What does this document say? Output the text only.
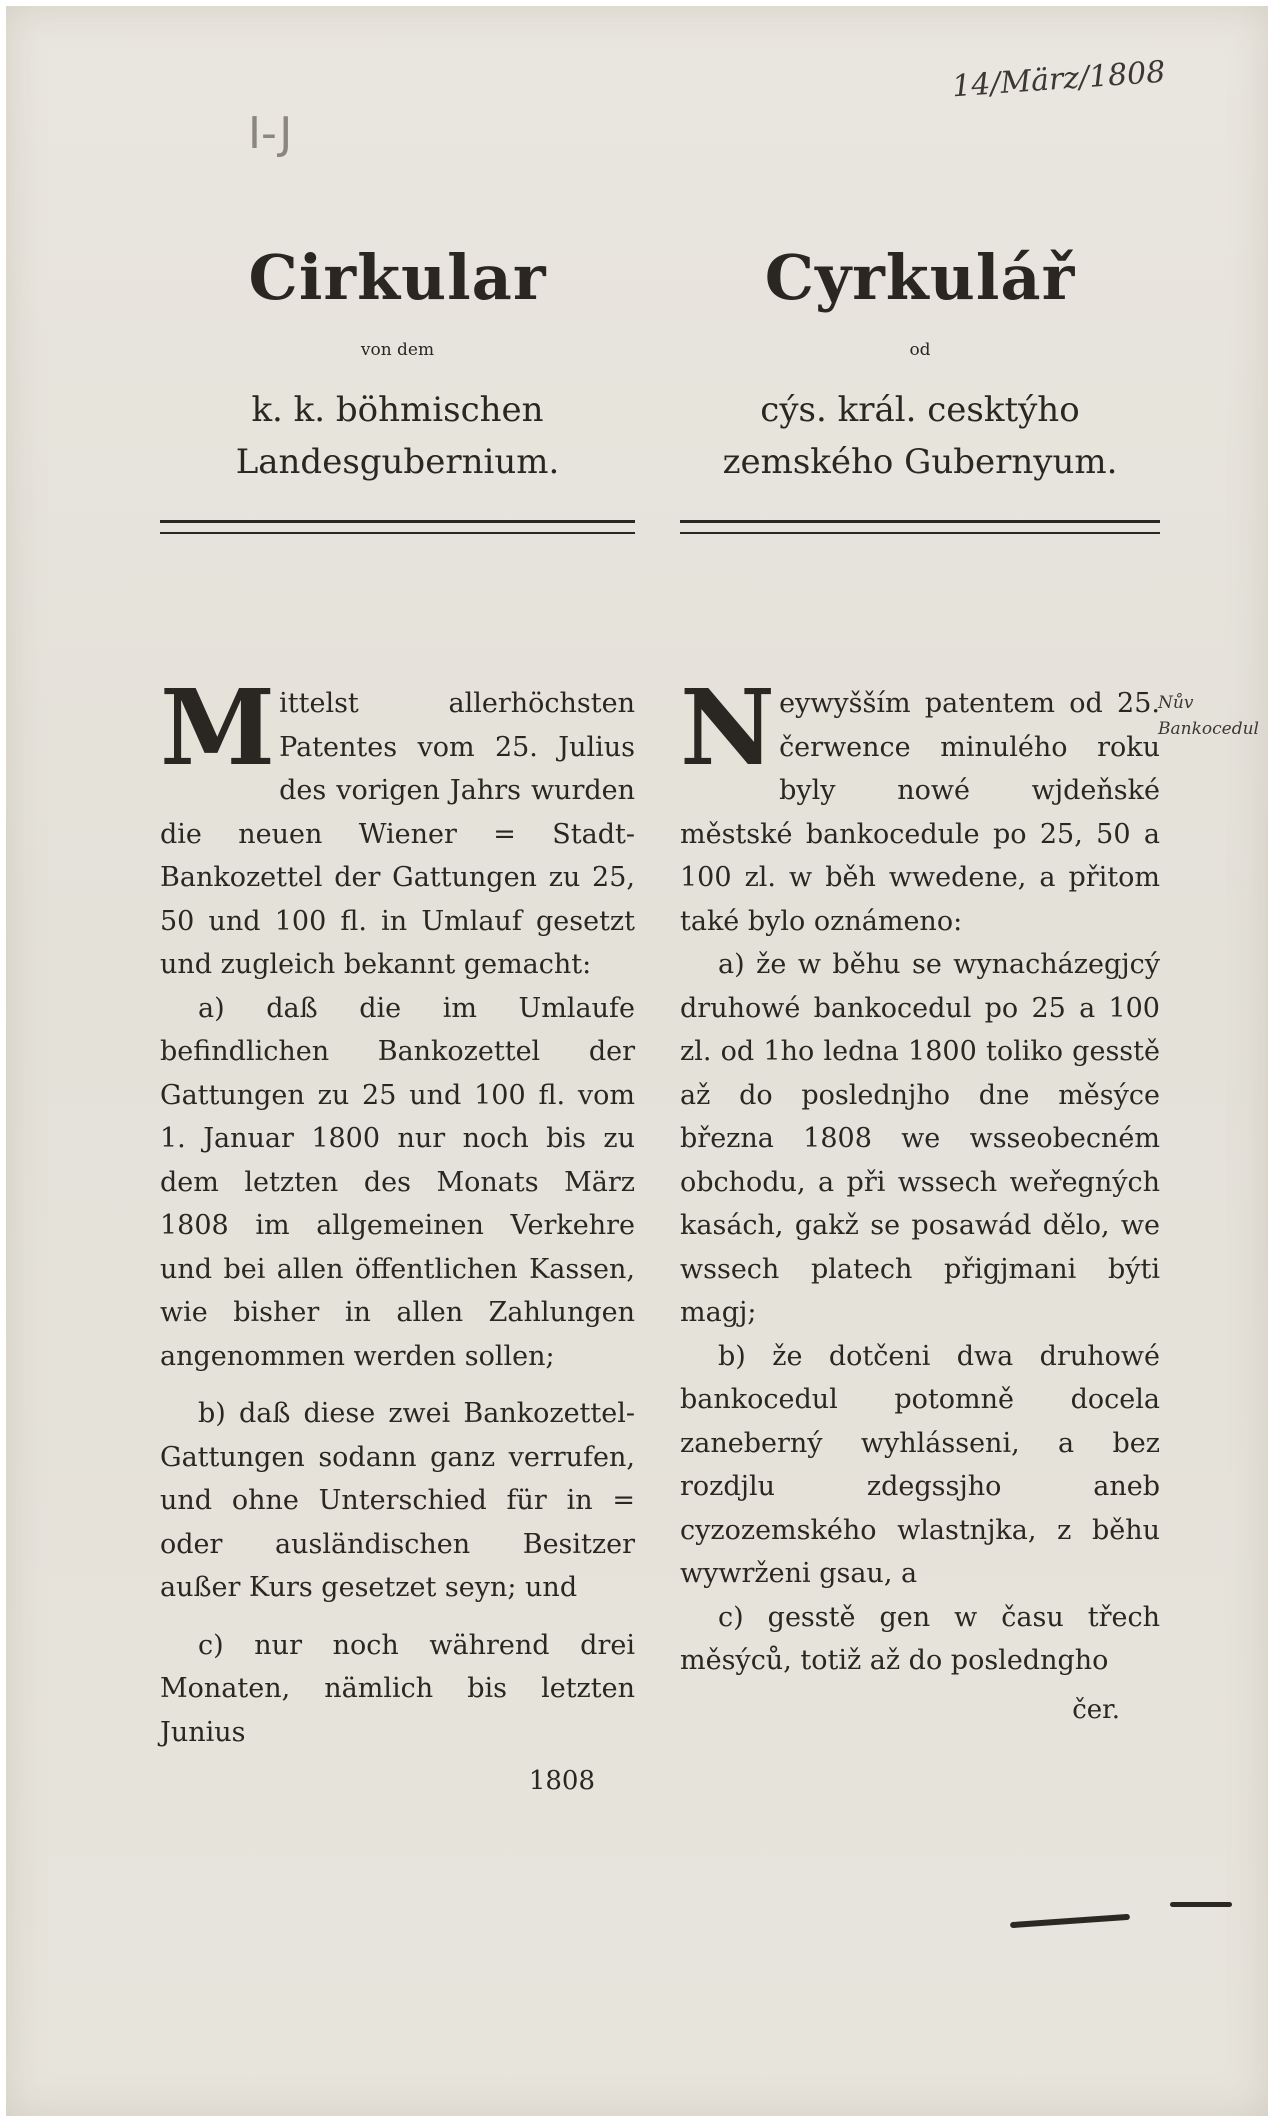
I-J
14/März/1808
Nův Bankocedul
Cirkular
von dem
k. k. böhmischen Landesgubernium.

Mittelst allerhöchsten Patentes vom 25. Julius des vorigen Jahrs wurden die neuen Wiener = Stadt-Bankozettel der Gattungen zu 25, 50 und 100 fl. in Umlauf gesetzt und zugleich bekannt gemacht:

a) daß die im Umlaufe befindlichen Bankozettel der Gattungen zu 25 und 100 fl. vom 1. Januar 1800 nur noch bis zu dem letzten des Monats März 1808 im allgemeinen Verkehre und bei allen öffentlichen Kassen, wie bisher in allen Zahlungen angenommen werden sollen;

b) daß diese zwei Bankozettel-Gattungen sodann ganz verrufen, und ohne Unterschied für in = oder ausländischen Besitzer außer Kurs gesetzet seyn; und

c) nur noch während drei Monaten, nämlich bis letzten Junius

1808
Cyrkulář
od
cýs. král. cesktýho zemského Gubernyum.

Neywyšším patentem od 25. čerwence minulého roku byly nowé wjdeňské městské bankocedule po 25, 50 a 100 zl. w běh wwedene, a přitom také bylo oznámeno:

a) že w běhu se wynacházegjcý druhowé bankocedul po 25 a 100 zl. od 1ho ledna 1800 toliko gesstě až do poslednjho dne měsýce března 1808 we wsseobecném obchodu, a při wssech weřegných kasách, gakž se posawád dělo, we wssech platech přigjmani býti magj;

b) že dotčeni dwa druhowé bankocedul potomně docela zaneberný wyhlásseni, a bez rozdjlu zdegssjho aneb cyzozemského wlastnjka, z běhu wywrženi gsau, a

c) gesstě gen w času třech měsýců, totiž až do posledngho

čer.
